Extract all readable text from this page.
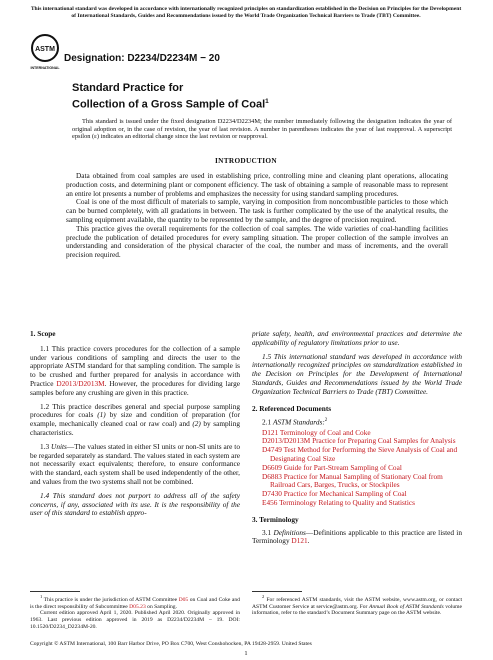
This international standard was developed in accordance with internationally recognized principles on standardization established in the Decision on Principles for the Development of International Standards, Guides and Recommendations issued by the World Trade Organization Technical Barriers to Trade (TBT) Committee.
ASTM
INTERNATIONAL
Designation: D2234/D2234M − 20
Standard Practice for
Collection of a Gross Sample of Coal$^1$
This standard is issued under the fixed designation D2234/D2234M; the number immediately following the designation indicates the year of original adoption or, in the case of revision, the year of last revision. A number in parentheses indicates the year of last reapproval. A superscript epsilon (ε) indicates an editorial change since the last revision or reapproval.
INTRODUCTION

Data obtained from coal samples are used in establishing price, controlling mine and cleaning plant operations, allocating production costs, and determining plant or component efficiency. The task of obtaining a sample of reasonable mass to represent an entire lot presents a number of problems and emphasizes the necessity for using standard sampling procedures.

Coal is one of the most difficult of materials to sample, varying in composition from noncombustible particles to those which can be burned completely, with all gradations in between. The task is further complicated by the use of the analytical results, the sampling equipment available, the quantity to be represented by the sample, and the degree of precision required.

This practice gives the overall requirements for the collection of coal samples. The wide varieties of coal-handling facilities preclude the publication of detailed procedures for every sampling situation. The proper collection of the sample involves an understanding and consideration of the physical character of the coal, the number and mass of increments, and the overall precision required.

1. Scope

1.1 This practice covers procedures for the collection of a sample under various conditions of sampling and directs the user to the appropriate ASTM standard for that sampling condition. The sample is to be crushed and further prepared for analysis in accordance with Practice D2013/D2013M. However, the procedures for dividing large samples before any crushing are given in this practice.

1.2 This practice describes general and special purpose sampling procedures for coals (1) by size and condition of preparation (for example, mechanically cleaned coal or raw coal) and (2) by sampling characteristics.

1.3 Units—The values stated in either SI units or non-SI units are to be regarded separately as standard. The values stated in each system are not necessarily exact equivalents; therefore, to ensure conformance with the standard, each system shall be used independently of the other, and values from the two systems shall not be combined.

1.4 This standard does not purport to address all of the safety concerns, if any, associated with its use. It is the responsibility of the user of this standard to establish appro-

priate safety, health, and environmental practices and determine the applicability of regulatory limitations prior to use.

1.5 This international standard was developed in accordance with internationally recognized principles on standardization established in the Decision on Principles for the Development of International Standards, Guides and Recommendations issued by the World Trade Organization Technical Barriers to Trade (TBT) Committee.

2. Referenced Documents

2.1 ASTM Standards:$^2$

D121 Terminology of Coal and Coke

D2013/D2013M Practice for Preparing Coal Samples for Analysis

D4749 Test Method for Performing the Sieve Analysis of Coal and Designating Coal Size

D6609 Guide for Part-Stream Sampling of Coal

D6883 Practice for Manual Sampling of Stationary Coal from Railroad Cars, Barges, Trucks, or Stockpiles

D7430 Practice for Mechanical Sampling of Coal

E456 Terminology Relating to Quality and Statistics

3. Terminology

3.1 Definitions—Definitions applicable to this practice are listed in Terminology D121.

$^1$ This practice is under the jurisdiction of ASTM Committee D05 on Coal and Coke and is the direct responsibility of Subcommittee D05.23 on Sampling.

Current edition approved April 1, 2020. Published April 2020. Originally approved in 1963. Last previous edition approved in 2019 as D2234/D2234M – 19. DOI: 10.1520/D2234_D2234M-20.

$^2$ For referenced ASTM standards, visit the ASTM website, www.astm.org, or contact ASTM Customer Service at service@astm.org. For Annual Book of ASTM Standards volume information, refer to the standard’s Document Summary page on the ASTM website.

Copyright © ASTM International, 100 Barr Harbor Drive, PO Box C700, West Conshohocken, PA 19428-2959. United States
1
